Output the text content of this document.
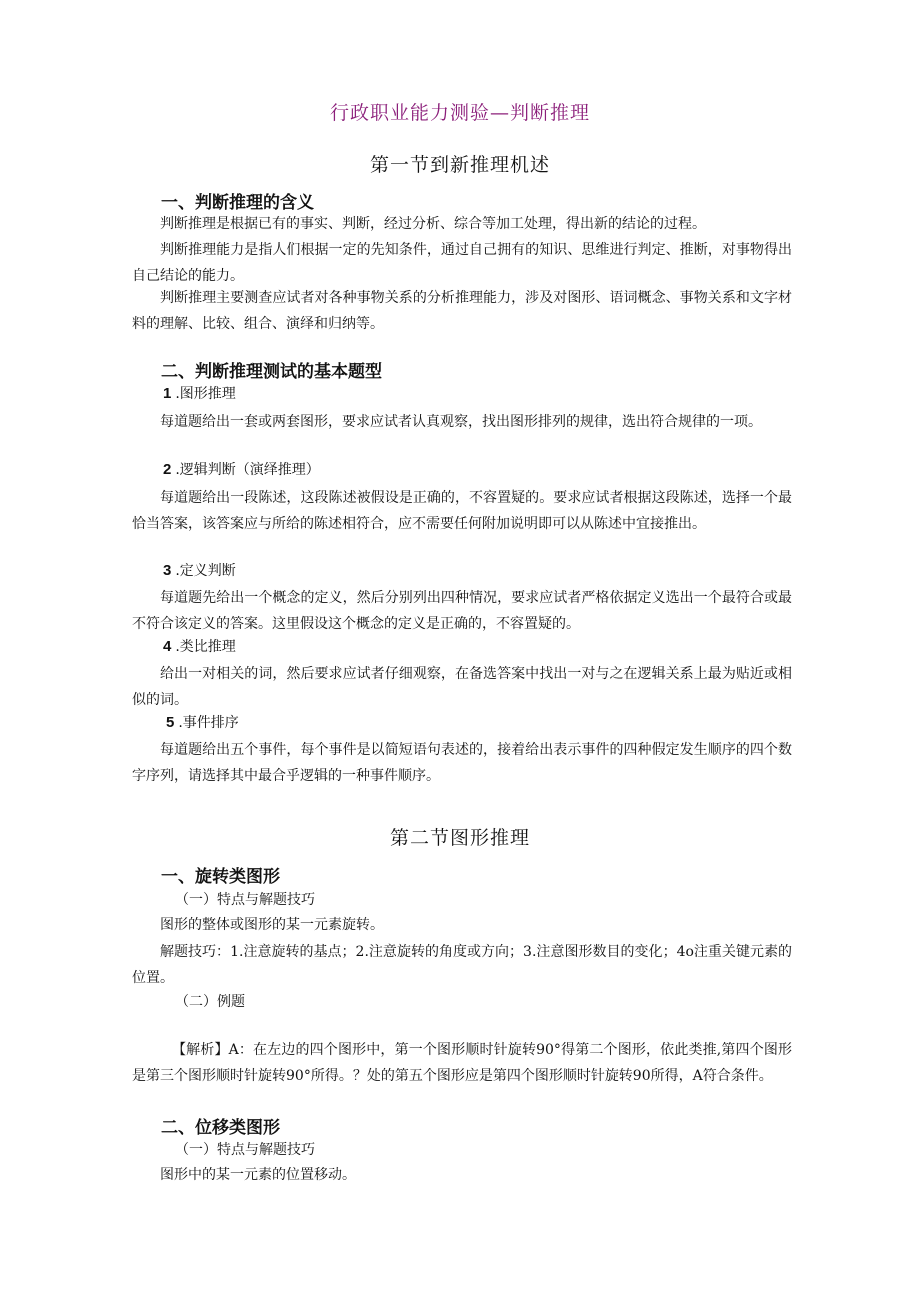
行政职业能力测验—判断推理
第一节到新推理机述
一、判断推理的含义

判断推理是根据已有的事实、判断，经过分析、综合等加工处理，得出新的结论的过程。

判断推理能力是指人们根据一定的先知条件，通过自己拥有的知识、思维进行判定、推断，对事物得出自己结论的能力。

判断推理主要测查应试者对各种事物关系的分析推理能力，涉及对图形、语词概念、事物关系和文字材料的理解、比较、组合、演绎和归纳等。

二、判断推理测试的基本题型
1 .图形推理

每道题给出一套或两套图形，要求应试者认真观察，找出图形排列的规律，选出符合规律的一项。

2 .逻辑判断（演绎推理）

每道题给出一段陈述，这段陈述被假设是正确的，不容置疑的。要求应试者根据这段陈述，选择一个最恰当答案，该答案应与所给的陈述相符合，应不需要任何附加说明即可以从陈述中宜接推出。

3 .定义判断

每道题先给出一个概念的定义，然后分别列出四种情况，要求应试者严格依据定义选出一个最符合或最不符合该定义的答案。这里假设这个概念的定义是正确的，不容置疑的。

4 .类比推理

给出一对相关的词，然后要求应试者仔细观察，在备选答案中找出一对与之在逻辑关系上最为贴近或相似的词。

5 .事件排序

每道题给出五个事件，每个事件是以简短语句表述的，接着给出表示事件的四种假定发生顺序的四个数字序列，请选择其中最合乎逻辑的一种事件顺序。

第二节图形推理
一、旋转类图形
（一）特点与解题技巧

图形的整体或图形的某一元素旋转。

解题技巧：1.注意旋转的基点；2.注意旋转的角度或方向；3.注意图形数目的变化；4o注重关键元素的位置。

（二）例题

【解析】A：在左边的四个图形中，第一个图形顺时针旋转90°得第二个图形，依此类推,第四个图形是第三个图形顺时针旋转90°所得。？处的第五个图形应是第四个图形顺时针旋转90所得，A符合条件。

二、位移类图形
（一）特点与解题技巧

图形中的某一元素的位置移动。
